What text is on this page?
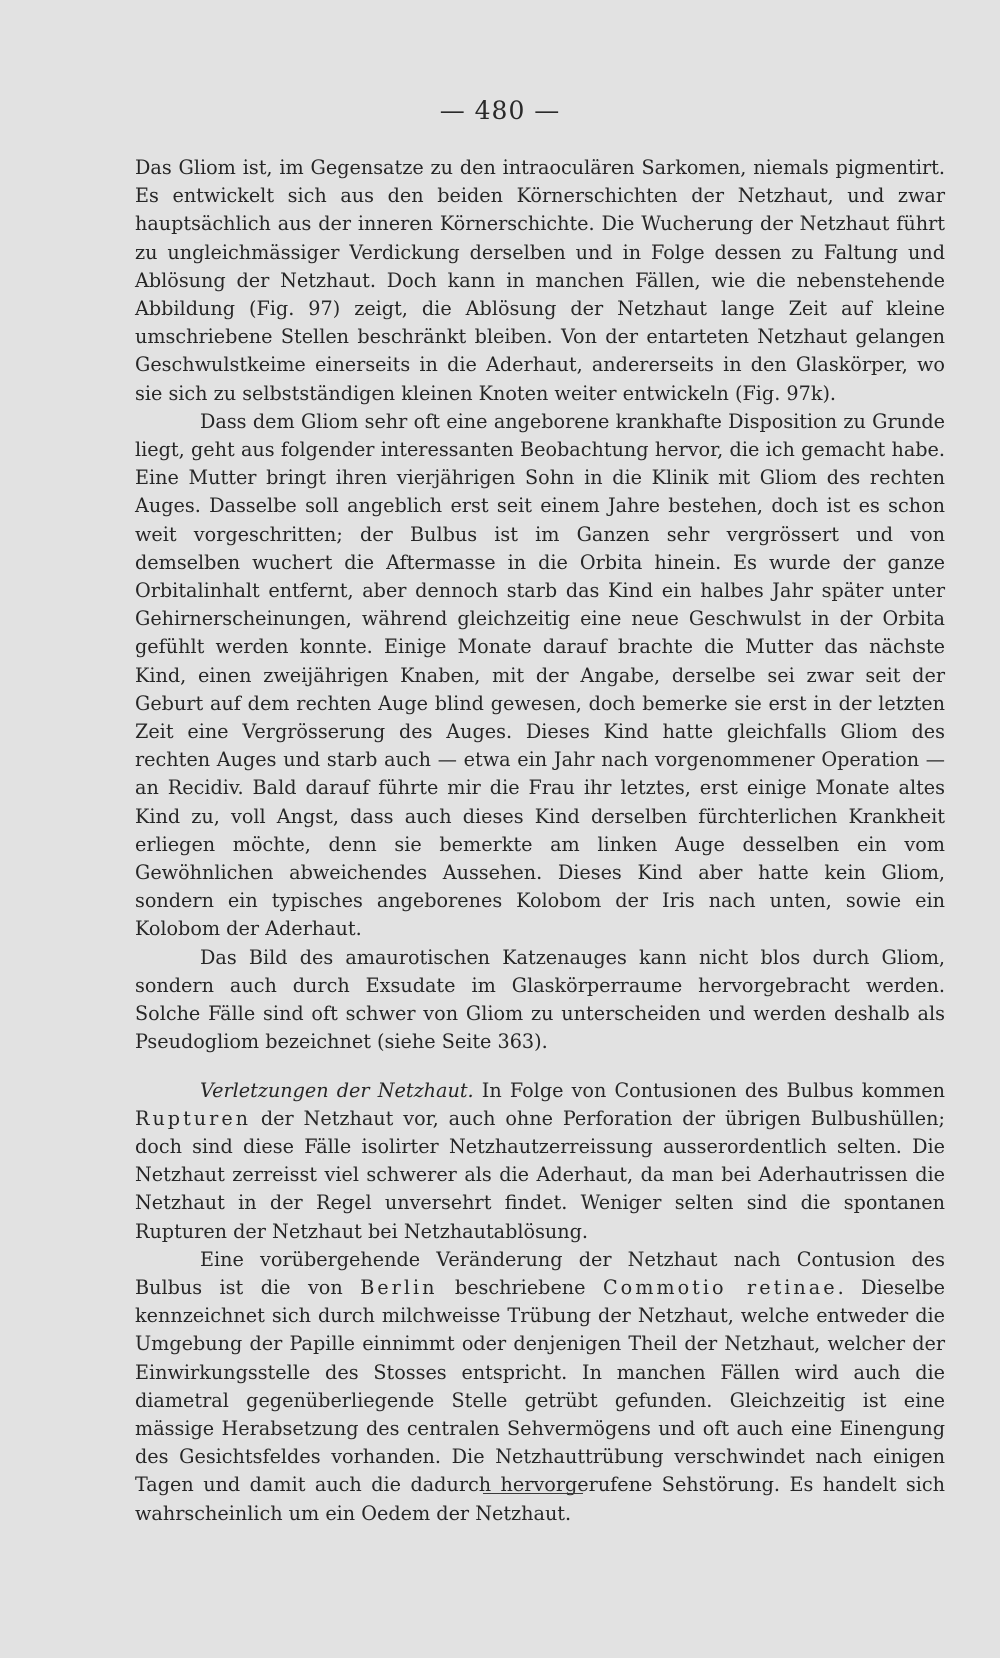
— 480 —

Das Gliom ist, im Gegensatze zu den intraoculären Sarkomen, niemals pigmentirt. Es entwickelt sich aus den beiden Körnerschichten der Netzhaut, und zwar hauptsächlich aus der inneren Körnerschichte. Die Wucherung der Netzhaut führt zu ungleichmässiger Verdickung derselben und in Folge dessen zu Faltung und Ablösung der Netzhaut. Doch kann in manchen Fällen, wie die nebenstehende Abbildung (Fig. 97) zeigt, die Ablösung der Netzhaut lange Zeit auf kleine umschriebene Stellen beschränkt bleiben. Von der entarteten Netzhaut gelangen Geschwulstkeime einerseits in die Aderhaut, andererseits in den Glaskörper, wo sie sich zu selbstständigen kleinen Knoten weiter entwickeln (Fig. 97k).

Dass dem Gliom sehr oft eine angeborene krankhafte Disposition zu Grunde liegt, geht aus folgender interessanten Beobachtung hervor, die ich gemacht habe. Eine Mutter bringt ihren vierjährigen Sohn in die Klinik mit Gliom des rechten Auges. Dasselbe soll angeblich erst seit einem Jahre bestehen, doch ist es schon weit vorgeschritten; der Bulbus ist im Ganzen sehr vergrössert und von demselben wuchert die Aftermasse in die Orbita hinein. Es wurde der ganze Orbitalinhalt entfernt, aber dennoch starb das Kind ein halbes Jahr später unter Gehirnerscheinungen, während gleichzeitig eine neue Geschwulst in der Orbita gefühlt werden konnte. Einige Monate darauf brachte die Mutter das nächste Kind, einen zweijährigen Knaben, mit der Angabe, derselbe sei zwar seit der Geburt auf dem rechten Auge blind gewesen, doch bemerke sie erst in der letzten Zeit eine Vergrösserung des Auges. Dieses Kind hatte gleichfalls Gliom des rechten Auges und starb auch — etwa ein Jahr nach vorgenommener Operation — an Recidiv. Bald darauf führte mir die Frau ihr letztes, erst einige Monate altes Kind zu, voll Angst, dass auch dieses Kind derselben fürchterlichen Krankheit erliegen möchte, denn sie bemerkte am linken Auge desselben ein vom Gewöhnlichen abweichendes Aussehen. Dieses Kind aber hatte kein Gliom, sondern ein typisches angeborenes Kolobom der Iris nach unten, sowie ein Kolobom der Aderhaut.

Das Bild des amaurotischen Katzenauges kann nicht blos durch Gliom, sondern auch durch Exsudate im Glaskörperraume hervorgebracht werden. Solche Fälle sind oft schwer von Gliom zu unterscheiden und werden deshalb als Pseudogliom bezeichnet (siehe Seite 363).

Verletzungen der Netzhaut. In Folge von Contusionen des Bulbus kommen Rupturen der Netzhaut vor, auch ohne Perforation der übrigen Bulbushüllen; doch sind diese Fälle isolirter Netzhautzerreissung ausserordentlich selten. Die Netzhaut zerreisst viel schwerer als die Aderhaut, da man bei Aderhautrissen die Netzhaut in der Regel unversehrt findet. Weniger selten sind die spontanen Rupturen der Netzhaut bei Netzhautablösung.

Eine vorübergehende Veränderung der Netzhaut nach Contusion des Bulbus ist die von Berlin beschriebene Commotio retinae. Dieselbe kennzeichnet sich durch milchweisse Trübung der Netzhaut, welche entweder die Umgebung der Papille einnimmt oder denjenigen Theil der Netzhaut, welcher der Einwirkungsstelle des Stosses entspricht. In manchen Fällen wird auch die diametral gegenüberliegende Stelle getrübt gefunden. Gleichzeitig ist eine mässige Herabsetzung des centralen Sehvermögens und oft auch eine Einengung des Gesichtsfeldes vorhanden. Die Netzhauttrübung verschwindet nach einigen Tagen und damit auch die dadurch hervorgerufene Sehstörung. Es handelt sich wahrscheinlich um ein Oedem der Netzhaut.
